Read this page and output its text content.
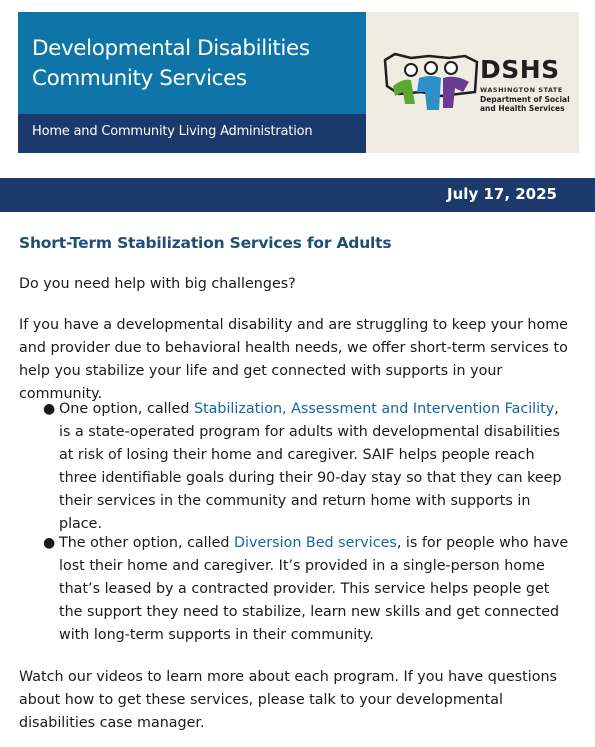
Developmental Disabilities
Community Services
Home and Community Living Administration
DSHS
WASHINGTON STATE
Department of Social
and Health Services
July 17, 2025
Short-Term Stabilization Services for Adults
Do you need help with big challenges?
If you have a developmental disability and are struggling to keep your home and provider due to behavioral health needs, we offer short-term services to help you stabilize your life and get connected with supports in your community.
● One option, called Stabilization, Assessment and Intervention Facility, is a state-operated program for adults with developmental disabilities at risk of losing their home and caregiver. SAIF helps people reach three identifiable goals during their 90-day stay so that they can keep their services in the community and return home with supports in place.
● The other option, called Diversion Bed services, is for people who have lost their home and caregiver. It’s provided in a single-person home that’s leased by a contracted provider. This service helps people get the support they need to stabilize, learn new skills and get connected with long-term supports in their community.
Watch our videos to learn more about each program. If you have questions about how to get these services, please talk to your developmental disabilities case manager.
